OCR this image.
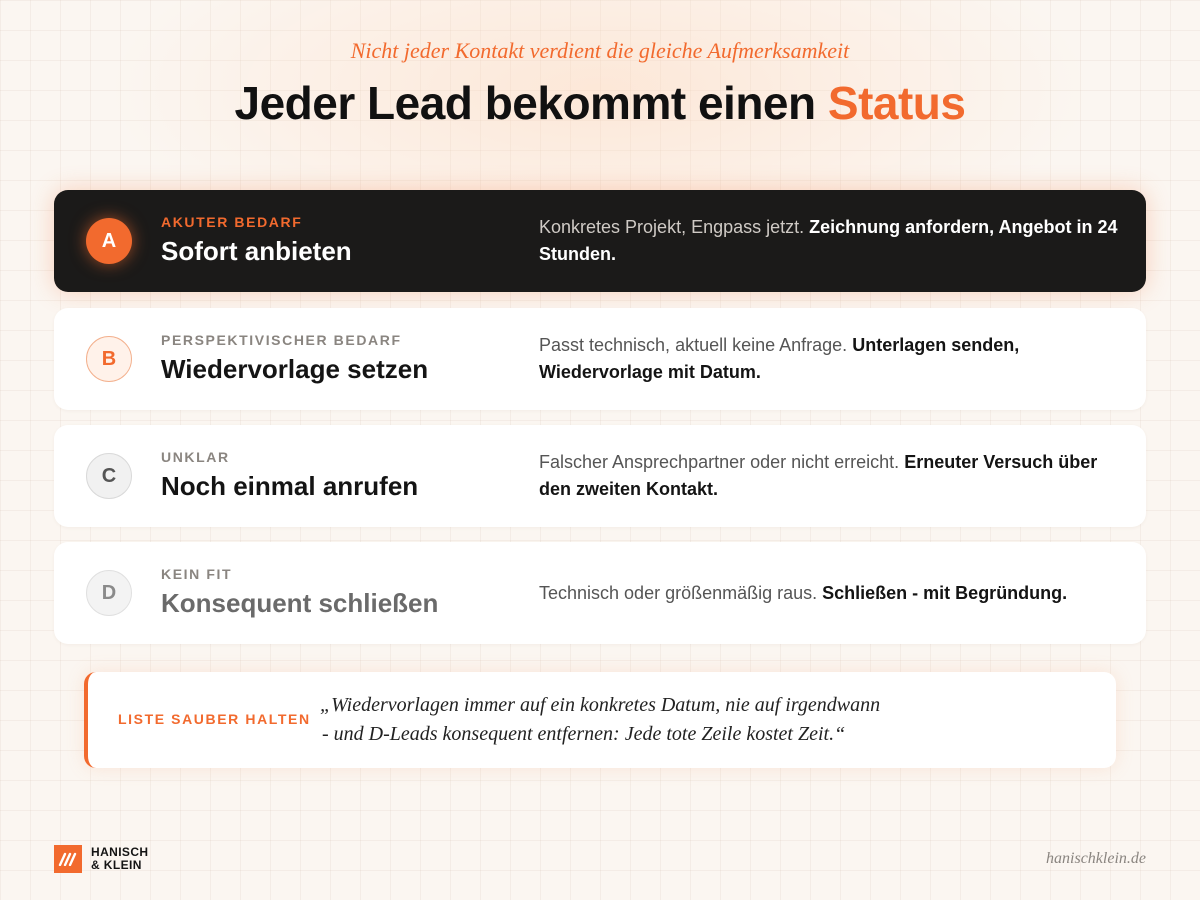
Nicht jeder Kontakt verdient die gleiche Aufmerksamkeit
Jeder Lead bekommt einen Status
A
AKUTER BEDARF
Sofort anbieten
Konkretes Projekt, Engpass jetzt. Zeichnung anfordern, Angebot in 24 Stunden.
B
PERSPEKTIVISCHER BEDARF
Wiedervorlage setzen
Passt technisch, aktuell keine Anfrage. Unterlagen senden, Wiedervorlage mit Datum.
C
UNKLAR
Noch einmal anrufen
Falscher Ansprechpartner oder nicht erreicht. Erneuter Versuch über den zweiten Kontakt.
D
KEIN FIT
Konsequent schließen	Technisch oder größenmäßig raus. Schließen - mit Begründung.
LISTE SAUBER HALTEN
„Wiedervorlagen immer auf ein konkretes Datum, nie auf irgendwann
- und D-Leads konsequent entfernen: Jede tote Zeile kostet Zeit.“
HANISCH
& KLEIN	hanischklein.de
